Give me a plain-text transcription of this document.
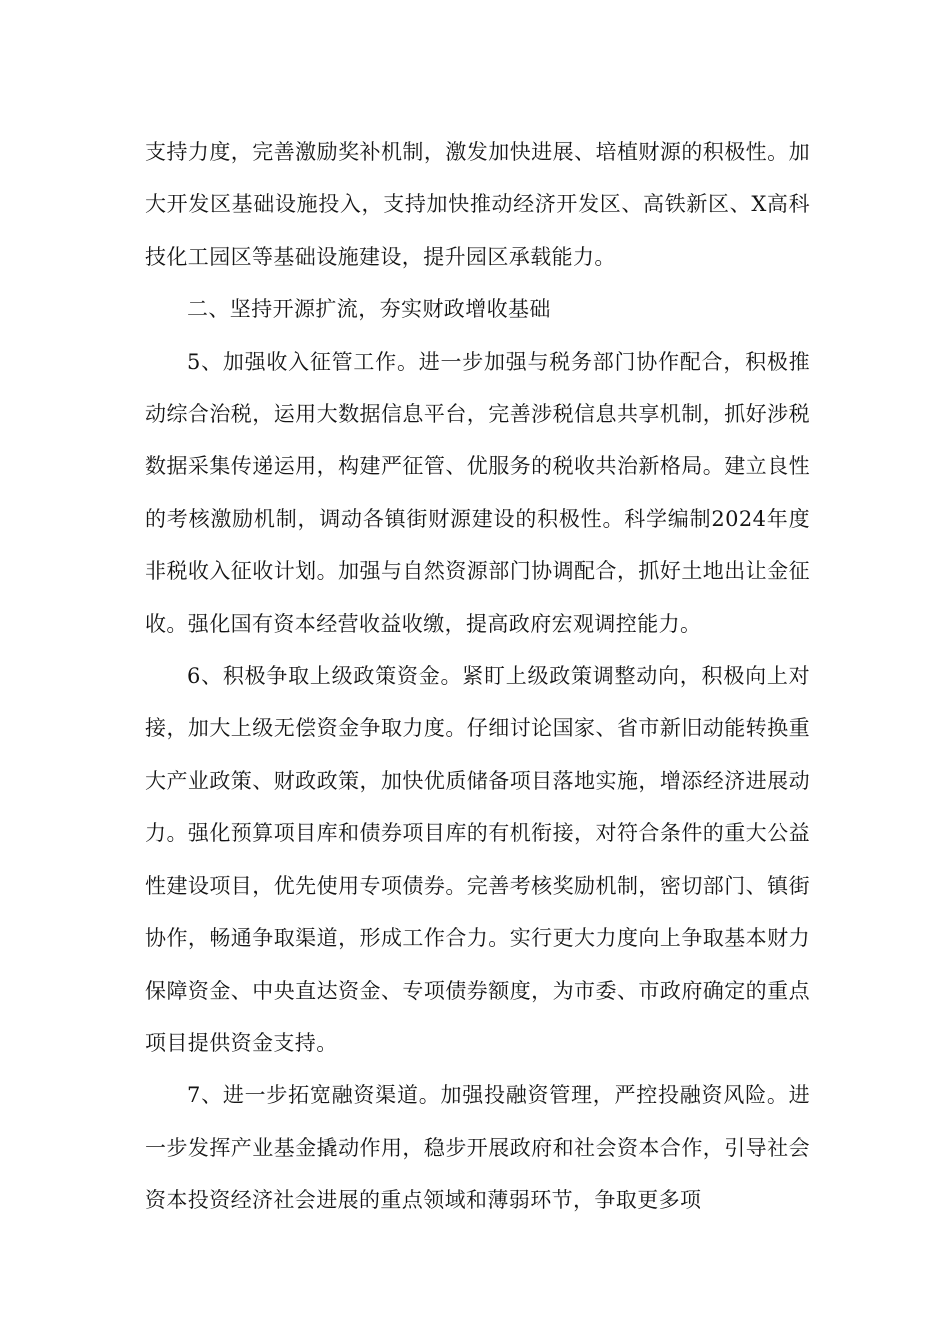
支持力度，完善激励奖补机制，激发加快进展、培植财源的积极性。加大开发区基础设施投入，支持加快推动经济开发区、高铁新区、X高科技化工园区等基础设施建设，提升园区承载能力。

二、坚持开源扩流，夯实财政增收基础

5、加强收入征管工作。进一步加强与税务部门协作配合，积极推动综合治税，运用大数据信息平台，完善涉税信息共享机制，抓好涉税数据采集传递运用，构建严征管、优服务的税收共治新格局。建立良性的考核激励机制，调动各镇街财源建设的积极性。科学编制2024年度非税收入征收计划。加强与自然资源部门协调配合，抓好土地出让金征收。强化国有资本经营收益收缴，提高政府宏观调控能力。

6、积极争取上级政策资金。紧盯上级政策调整动向，积极向上对接，加大上级无偿资金争取力度。仔细讨论国家、省市新旧动能转换重大产业政策、财政政策，加快优质储备项目落地实施，增添经济进展动力。强化预算项目库和债券项目库的有机衔接，对符合条件的重大公益性建设项目，优先使用专项债券。完善考核奖励机制，密切部门、镇街协作，畅通争取渠道，形成工作合力。实行更大力度向上争取基本财力保障资金、中央直达资金、专项债券额度，为市委、市政府确定的重点项目提供资金支持。

7、进一步拓宽融资渠道。加强投融资管理，严控投融资风险。进一步发挥产业基金撬动作用，稳步开展政府和社会资本合作，引导社会资本投资经济社会进展的重点领域和薄弱环节，争取更多项
